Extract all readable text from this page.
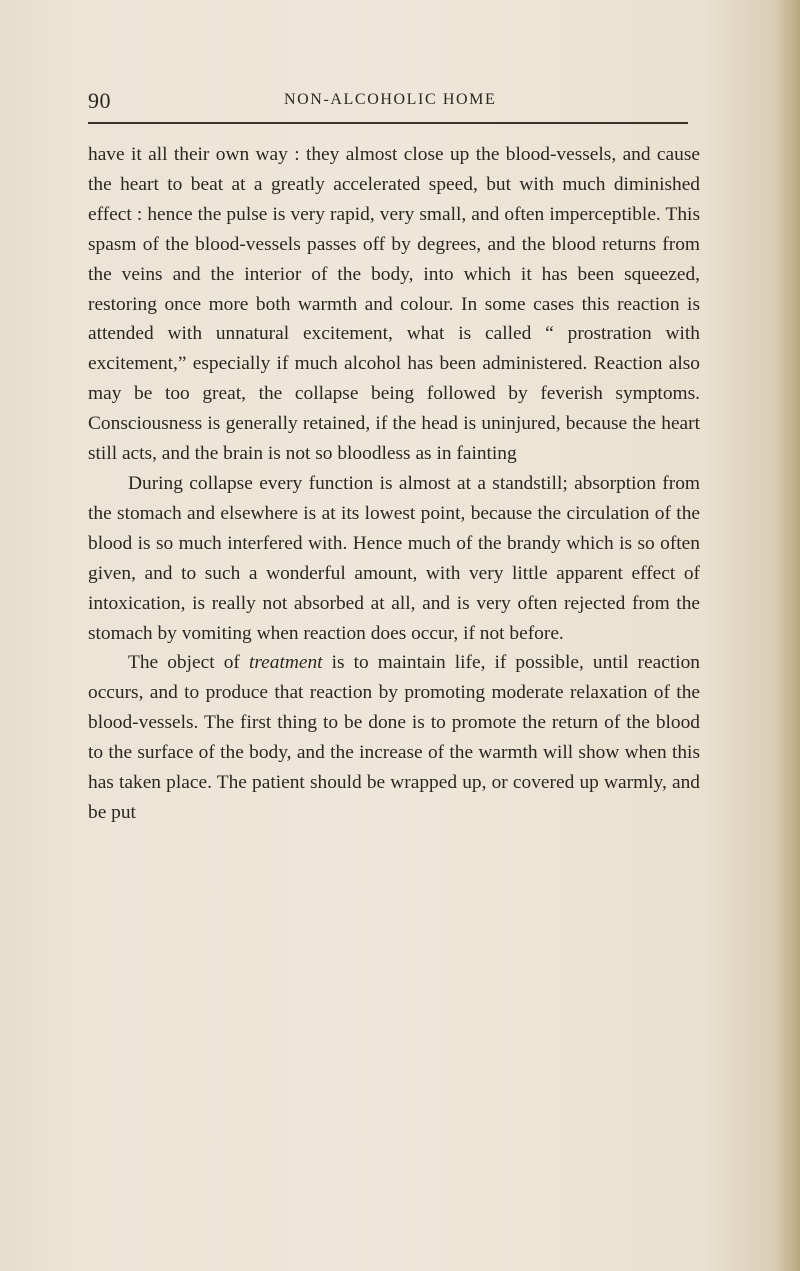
90	NON-ALCOHOLIC HOME

have it all their own way : they almost close up the blood-vessels, and cause the heart to beat at a greatly accelerated speed, but with much diminished effect : hence the pulse is very rapid, very small, and often imperceptible. This spasm of the blood-vessels passes off by degrees, and the blood returns from the veins and the interior of the body, into which it has been squeezed, restoring once more both warmth and colour. In some cases this reaction is attended with unnatural excitement, what is called “ prostration with excitement,” especially if much alcohol has been administered. Reaction also may be too great, the collapse being followed by feverish symptoms. Consciousness is generally retained, if the head is uninjured, because the heart still acts, and the brain is not so bloodless as in fainting

During collapse every function is almost at a standstill; absorption from the stomach and elsewhere is at its lowest point, because the circulation of the blood is so much interfered with. Hence much of the brandy which is so often given, and to such a wonderful amount, with very little apparent effect of intoxication, is really not absorbed at all, and is very often rejected from the stomach by vomiting when reaction does occur, if not before.

The object of treatment is to maintain life, if possible, until reaction occurs, and to produce that reaction by promoting moderate relaxation of the blood-vessels. The first thing to be done is to promote the return of the blood to the surface of the body, and the increase of the warmth will show when this has taken place. The patient should be wrapped up, or covered up warmly, and be put
